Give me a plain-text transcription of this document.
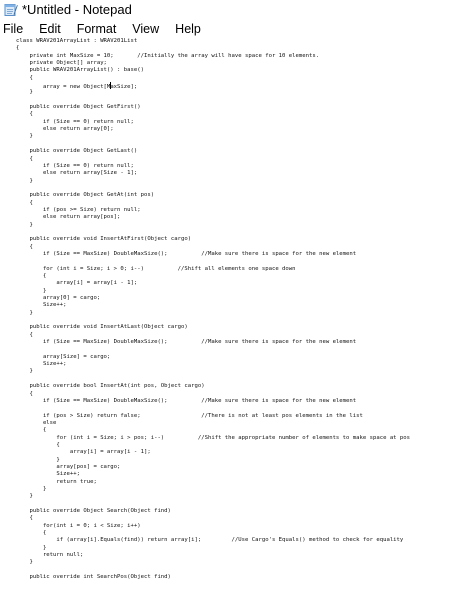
*Untitled - Notepad
File Edit Format View Help
class WRAV201ArrayList : WRAV201List
{
private int MaxSize = 10;       //Initially the array will have space for 10 elements.
private Object[] array;
public WRAV201ArrayList() : base()
{
array = new Object[MaxSize];
}
public override Object GetFirst()
{
if (Size == 0) return null;
else return array[0];
}
public override Object GetLast()
{
if (Size == 0) return null;
else return array[Size - 1];
}
public override Object GetAt(int pos)
{
if (pos >= Size) return null;
else return array[pos];
}
public override void InsertAtFirst(Object cargo)
{
if (Size == MaxSize) DoubleMaxSize();          //Make sure there is space for the new element
for (int i = Size; i > 0; i--)          //Shift all elements one space down
{
array[i] = array[i - 1];
}
array[0] = cargo;
Size++;
}
public override void InsertAtLast(Object cargo)
{
if (Size == MaxSize) DoubleMaxSize();          //Make sure there is space for the new element
array[Size] = cargo;
Size++;
}
public override bool InsertAt(int pos, Object cargo)
{
if (Size == MaxSize) DoubleMaxSize();          //Make sure there is space for the new element
if (pos > Size) return false;                  //There is not at least pos elements in the list
else
{
for (int i = Size; i > pos; i--)          //Shift the appropriate number of elements to make space at pos
{
array[i] = array[i - 1];
}
array[pos] = cargo;
Size++;
return true;
}
}
public override Object Search(Object find)
{
for(int i = 0; i < Size; i++)
{
if (array[i].Equals(find)) return array[i];         //Use Cargo's Equals() method to check for equality
}
return null;
}
public override int SearchPos(Object find)
